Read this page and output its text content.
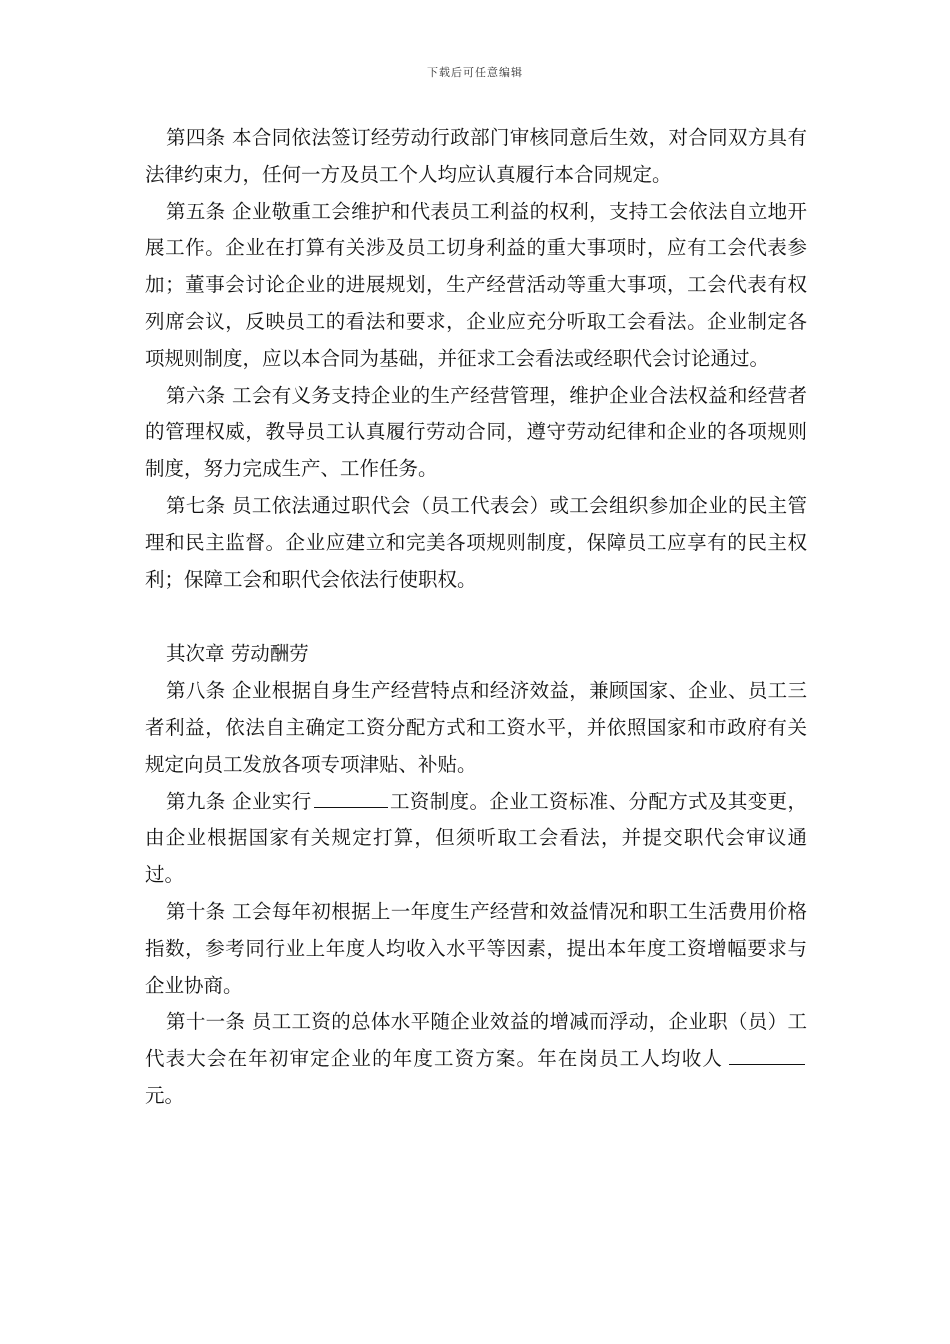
下载后可任意编辑

第四条 本合同依法签订经劳动行政部门审核同意后生效，对合同双方具有法律约束力，任何一方及员工个人均应认真履行本合同规定。

第五条 企业敬重工会维护和代表员工利益的权利，支持工会依法自立地开展工作。企业在打算有关涉及员工切身利益的重大事项时，应有工会代表参加；董事会讨论企业的进展规划，生产经营活动等重大事项，工会代表有权列席会议，反映员工的看法和要求，企业应充分听取工会看法。企业制定各项规则制度，应以本合同为基础，并征求工会看法或经职代会讨论通过。

第六条 工会有义务支持企业的生产经营管理，维护企业合法权益和经营者的管理权威，教导员工认真履行劳动合同，遵守劳动纪律和企业的各项规则制度，努力完成生产、工作任务。

第七条 员工依法通过职代会（员工代表会）或工会组织参加企业的民主管理和民主监督。企业应建立和完美各项规则制度，保障员工应享有的民主权利；保障工会和职代会依法行使职权。

其次章 劳动酬劳

第八条 企业根据自身生产经营特点和经济效益，兼顾国家、企业、员工三者利益，依法自主确定工资分配方式和工资水平，并依照国家和市政府有关规定向员工发放各项专项津贴、补贴。

第九条 企业实行	工资制度。企业工资标准、分配方式及其变更，由企业根据国家有关规定打算，但须听取工会看法，并提交职代会审议通过。

第十条 工会每年初根据上一年度生产经营和效益情况和职工生活费用价格指数，参考同行业上年度人均收入水平等因素，提出本年度工资增幅要求与企业协商。

第十一条 员工工资的总体水平随企业效益的增减而浮动，企业职（员）工代表大会在年初审定企业的年度工资方案。年在岗员工人均收人元。
